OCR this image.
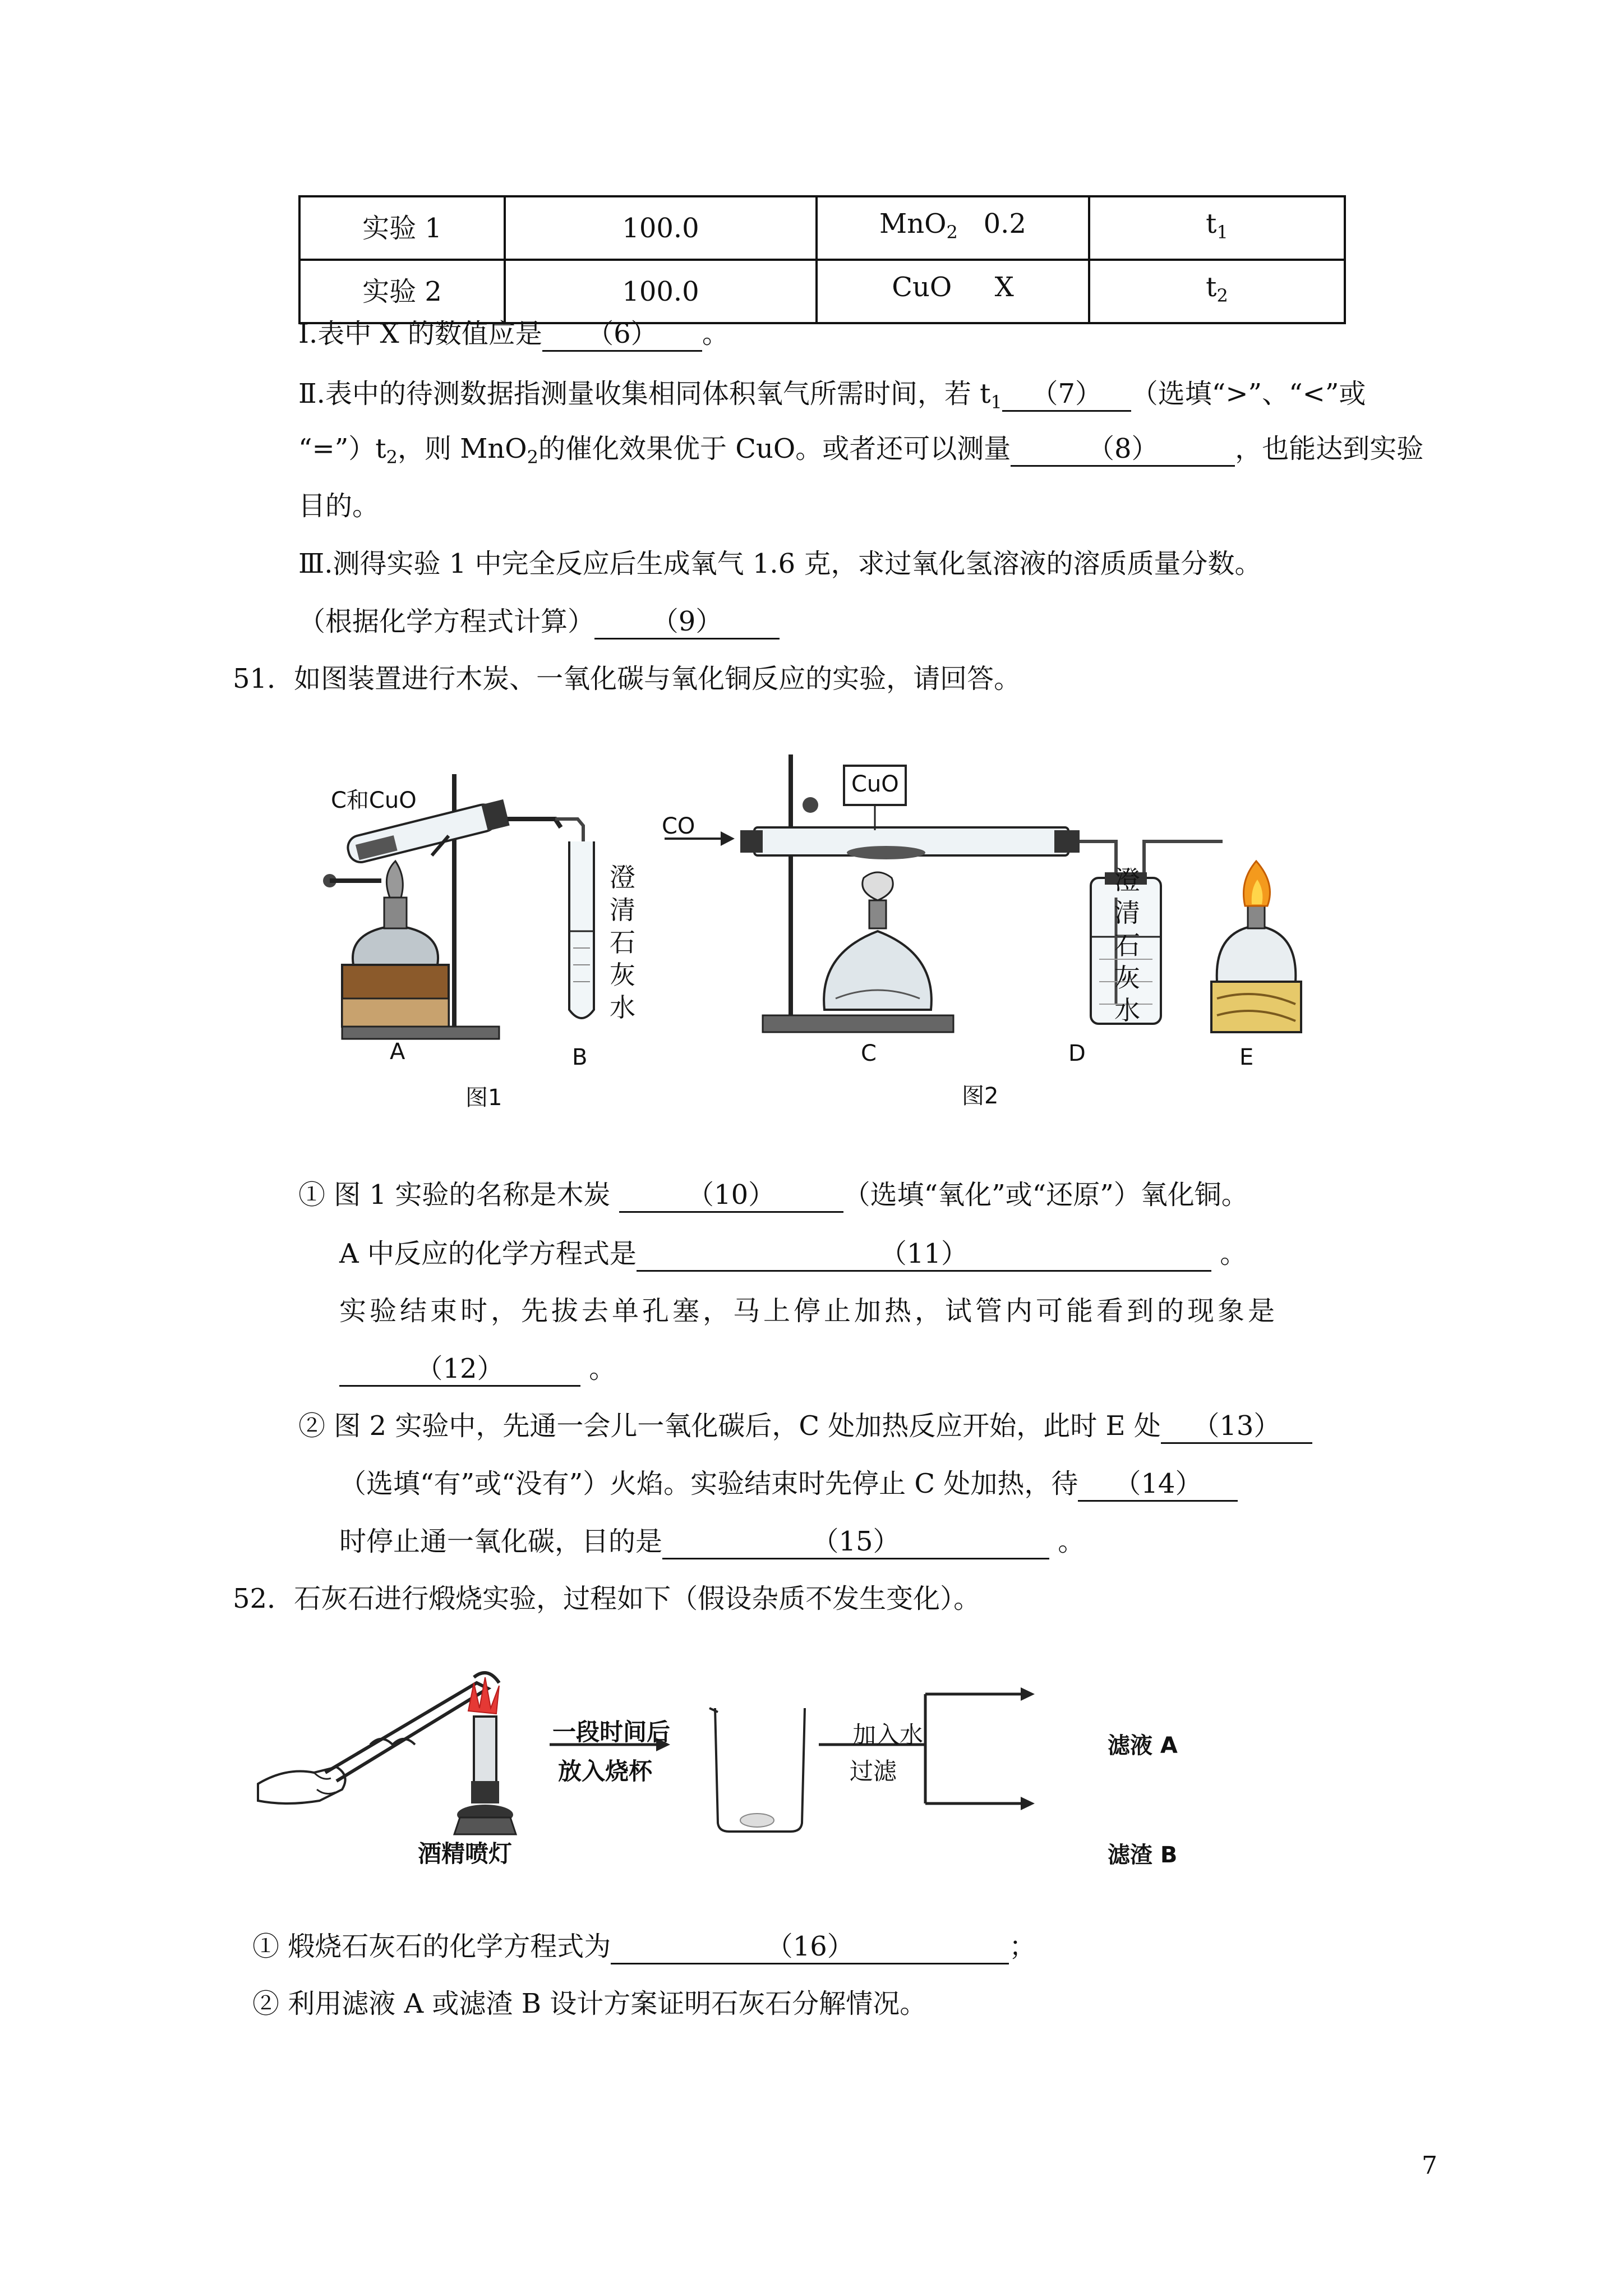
实验 1	100.0	MnO$_2$ 0.2	$t_1$
实验 2	100.0	CuO X	$t_2$
Ⅰ.表中 X 的数值应是 （6） 。
Ⅱ.表中的待测数据指测量收集相同体积氧气所需时间，若 $t_1$ （7） （选填“>”、“<”或
“$=”)t_2$，则 MnO$_2$的催化效果优于 CuO。或者还可以测量	（8）	，也能达到实验
目的。
Ⅲ.测得实验 1 中完全反应后生成氧气 1.6 克，求过氧化氢溶液的溶质质量分数。
（根据化学方程式计算） （9）
51．如图装置进行木炭、一氧化碳与氧化铜反应的实验，请回答。
C和CuO
澄
清
石
灰
水
A	B
图1
CO
CuO
澄
清
石
灰
水
C	D	E
图2
① 图 1 实验的名称是木炭	（10）	（选填“氧化”或“还原”）氧化铜。
A 中反应的化学方程式是	（11）	。
实验结束时，先拔去单孔塞，马上停止加热，试管内可能看到的现象是
（12）	。
② 图 2 实验中，先通一会儿一氧化碳后，C 处加热反应开始，此时 E 处 （13）
（选填“有”或“没有”）火焰。实验结束时先停止 C 处加热，待 （14）
时停止通一氧化碳，目的是	（15）	。
52．石灰石进行煅烧实验，过程如下（假设杂质不发生变化）。
一段时间后
放入烧杯
加入水
过滤
滤液 A
滤渣 B
酒精喷灯
① 煅烧石灰石的化学方程式为	（16）	；
② 利用滤液 A 或滤渣 B 设计方案证明石灰石分解情况。
7
